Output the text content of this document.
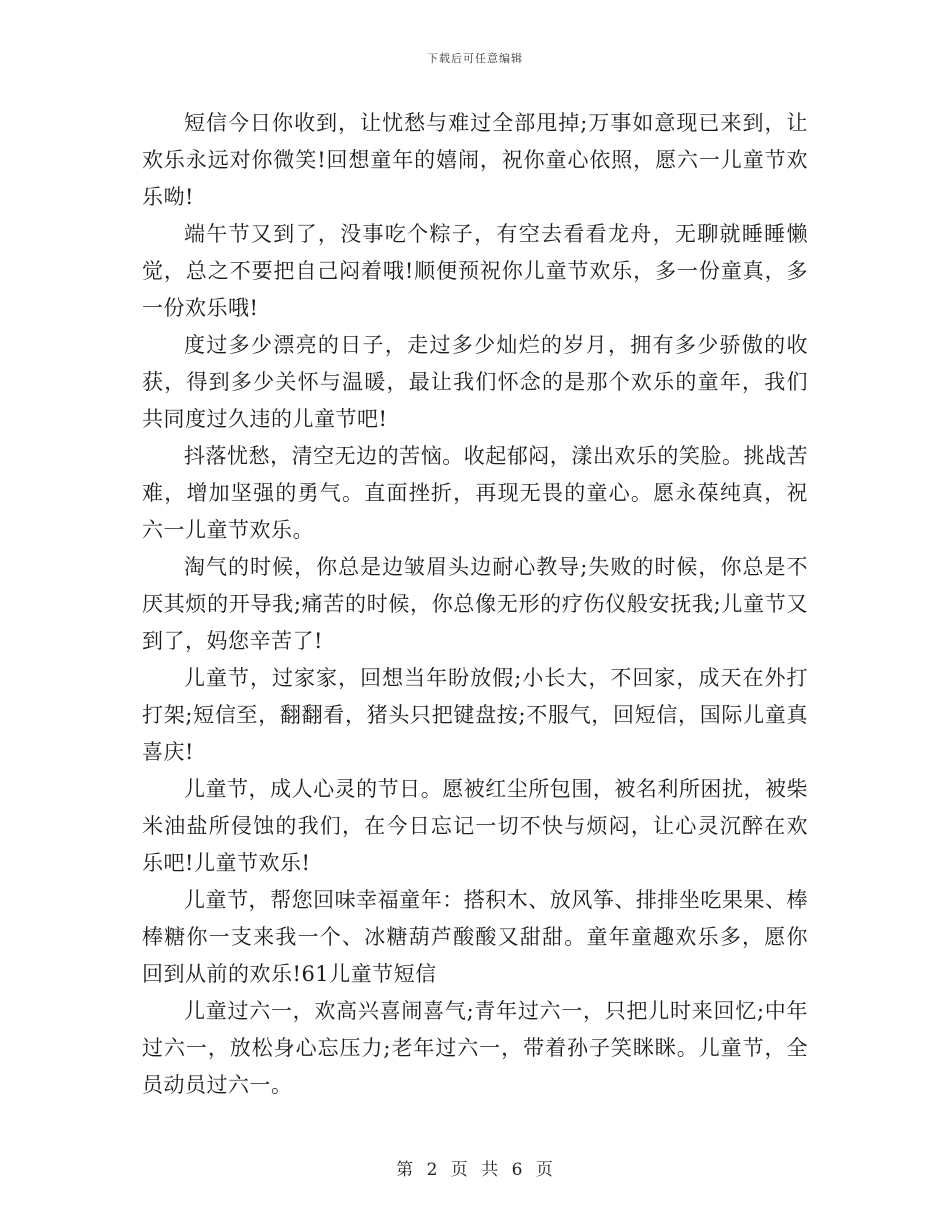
下载后可任意编辑

短信今日你收到，让忧愁与难过全部甩掉;万事如意现已来到，让欢乐永远对你微笑!回想童年的嬉闹，祝你童心依照，愿六一儿童节欢乐呦!

端午节又到了，没事吃个粽子，有空去看看龙舟，无聊就睡睡懒觉，总之不要把自己闷着哦!顺便预祝你儿童节欢乐，多一份童真，多一份欢乐哦!

度过多少漂亮的日子，走过多少灿烂的岁月，拥有多少骄傲的收获，得到多少关怀与温暖，最让我们怀念的是那个欢乐的童年，我们共同度过久违的儿童节吧!

抖落忧愁，清空无边的苦恼。收起郁闷，漾出欢乐的笑脸。挑战苦难，增加坚强的勇气。直面挫折，再现无畏的童心。愿永葆纯真，祝六一儿童节欢乐。

淘气的时候，你总是边皱眉头边耐心教导;失败的时候，你总是不厌其烦的开导我;痛苦的时候，你总像无形的疗伤仪般安抚我;儿童节又到了，妈您辛苦了!

儿童节，过家家，回想当年盼放假;小长大，不回家，成天在外打打架;短信至，翻翻看，猪头只把键盘按;不服气，回短信，国际儿童真喜庆!

儿童节，成人心灵的节日。愿被红尘所包围，被名利所困扰，被柴米油盐所侵蚀的我们，在今日忘记一切不快与烦闷，让心灵沉醉在欢乐吧!儿童节欢乐!

儿童节，帮您回味幸福童年：搭积木、放风筝、排排坐吃果果、棒棒糖你一支来我一个、冰糖葫芦酸酸又甜甜。童年童趣欢乐多，愿你回到从前的欢乐!61儿童节短信

儿童过六一，欢高兴喜闹喜气;青年过六一，只把儿时来回忆;中年过六一，放松身心忘压力;老年过六一，带着孙子笑眯眯。儿童节，全员动员过六一。

第 2 页 共 6 页
